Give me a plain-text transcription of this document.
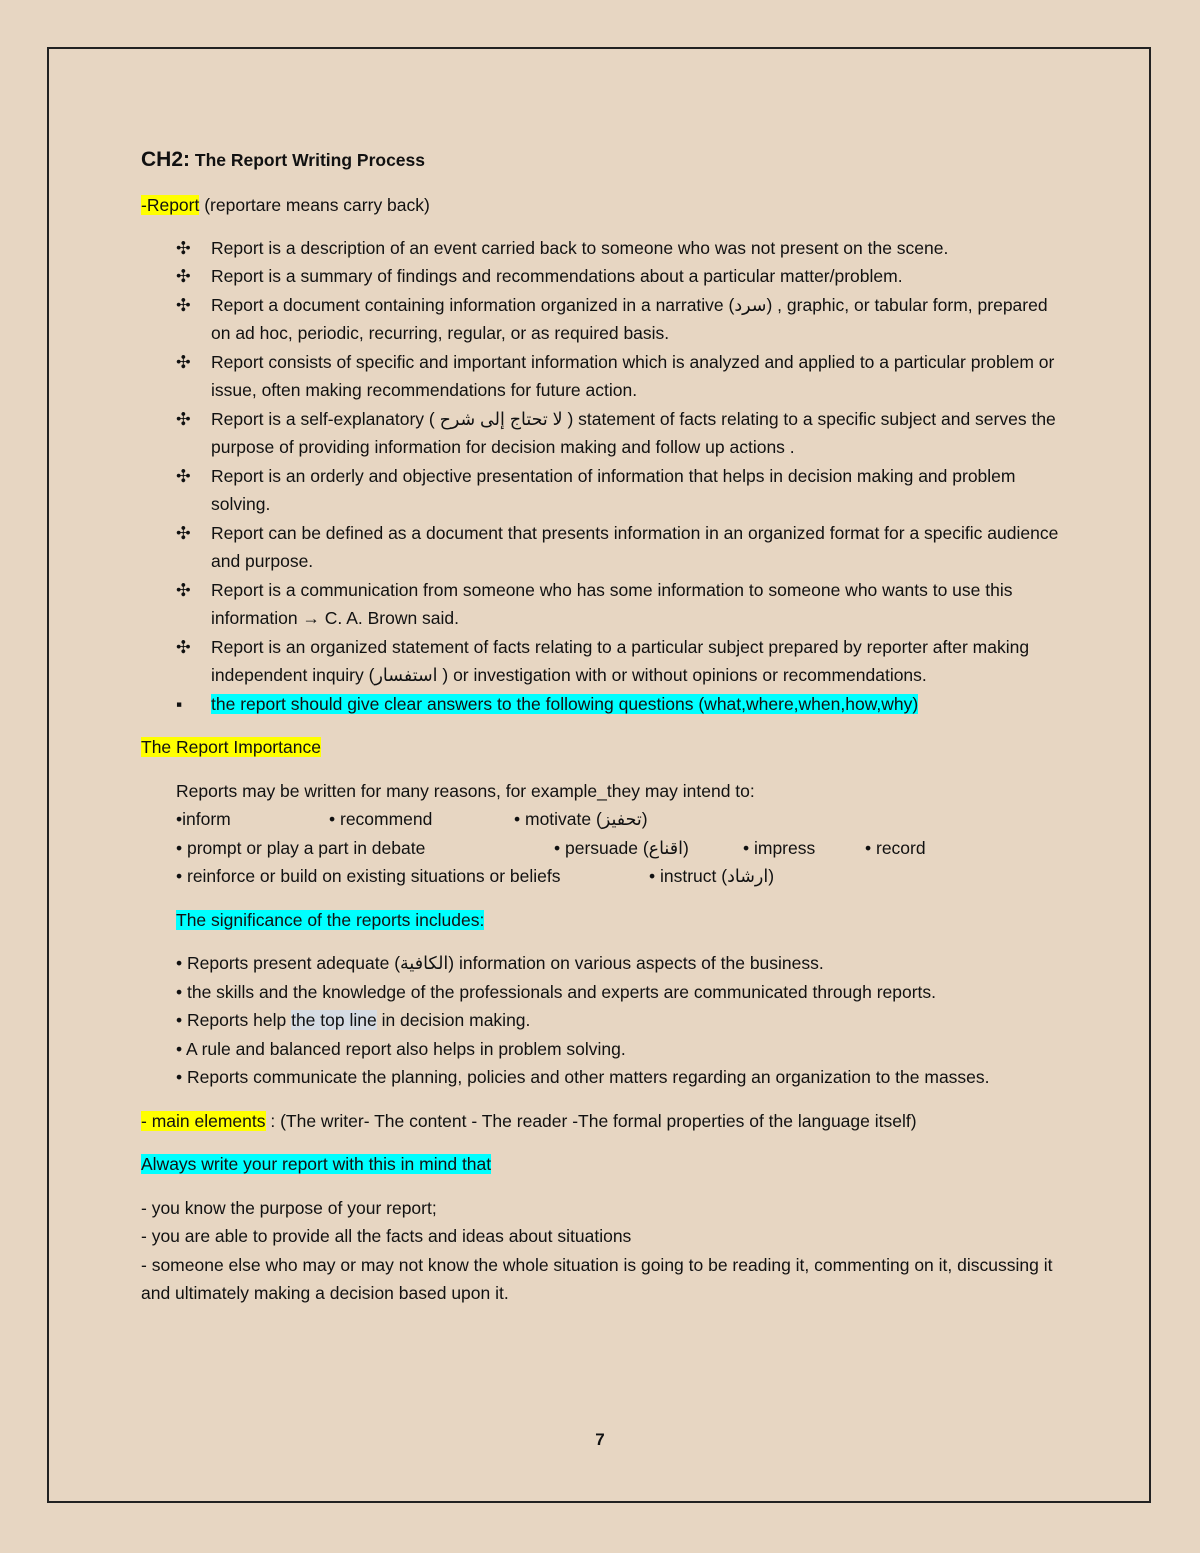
CH2: The Report Writing Process

-Report (reportare means carry back)

✣ Report is a description of an event carried back to someone who was not present on the scene.
✣ Report is a summary of findings and recommendations about a particular matter/problem.
✣ Report a document containing information organized in a narrative (سرد) , graphic, or tabular form, prepared on ad hoc, periodic, recurring, regular, or as required basis.
✣ Report consists of specific and important information which is analyzed and applied to a particular problem or issue, often making recommendations for future action.
✣ Report is a self-explanatory ( لا تحتاج إلى شرح ) statement of facts relating to a specific subject and serves the purpose of providing information for decision making and follow up actions .
✣ Report is an orderly and objective presentation of information that helps in decision making and problem solving.
✣ Report can be defined as a document that presents information in an organized format for a specific audience and purpose.
✣ Report is a communication from someone who has some information to someone who wants to use this information → C. A. Brown said.
✣ Report is an organized statement of facts relating to a particular subject prepared by reporter after making independent inquiry (استفسار ) or investigation with or without opinions or recommendations.
▪ the report should give clear answers to the following questions (what,where,when,how,why)

The Report Importance

Reports may be written for many reasons, for example_they may intend to:

•inform	• recommend	• motivate (تحفيز)
• prompt or play a part in debate	• persuade (اقناع)	• impress	• record
• reinforce or build on existing situations or beliefs	• instruct (ارشاد)

The significance of the reports includes:

• Reports present adequate (الكافية) information on various aspects of the business.

• the skills and the knowledge of the professionals and experts are communicated through reports.

• Reports help the top line in decision making.

• A rule and balanced report also helps in problem solving.

• Reports communicate the planning, policies and other matters regarding an organization to the masses.

- main elements : (The writer- The content - The reader -The formal properties of the language itself)

Always write your report with this in mind that

- you know the purpose of your report;

- you are able to provide all the facts and ideas about situations

- someone else who may or may not know the whole situation is going to be reading it, commenting on it, discussing it and ultimately making a decision based upon it.

7
